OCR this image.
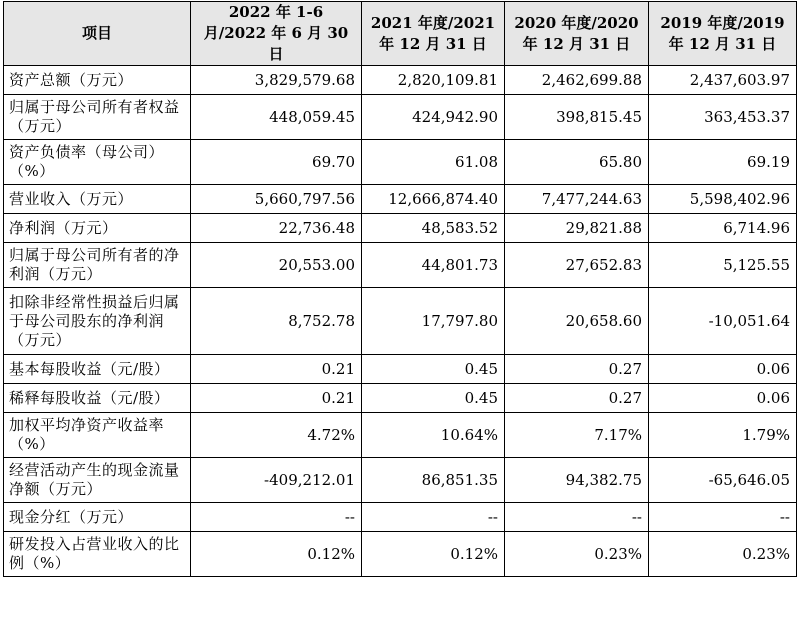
项目	2022 年 1-6 月/2022 年 6 月 30 日	2021 年度/2021 年 12 月 31 日	2020 年度/2020 年 12 月 31 日	2019 年度/2019 年 12 月 31 日
资产总额（万元）	3,829,579.68	2,820,109.81	2,462,699.88	2,437,603.97
归属于母公司所有者权益（万元）	448,059.45	424,942.90	398,815.45	363,453.37
资产负债率（母公司）（%）	69.70	61.08	65.80	69.19
营业收入（万元）	5,660,797.56	12,666,874.40	7,477,244.63	5,598,402.96
净利润（万元）	22,736.48	48,583.52	29,821.88	6,714.96
归属于母公司所有者的净利润（万元）	20,553.00	44,801.73	27,652.83	5,125.55
扣除非经常性损益后归属于母公司股东的净利润（万元）	8,752.78	17,797.80	20,658.60	-10,051.64
基本每股收益（元/股）	0.21	0.45	0.27	0.06
稀释每股收益（元/股）	0.21	0.45	0.27	0.06
加权平均净资产收益率（%）	4.72%	10.64%	7.17%	1.79%
经营活动产生的现金流量净额（万元）	-409,212.01	86,851.35	94,382.75	-65,646.05
现金分红（万元）	--	--	--	--
研发投入占营业收入的比例（%）	0.12%	0.12%	0.23%	0.23%
